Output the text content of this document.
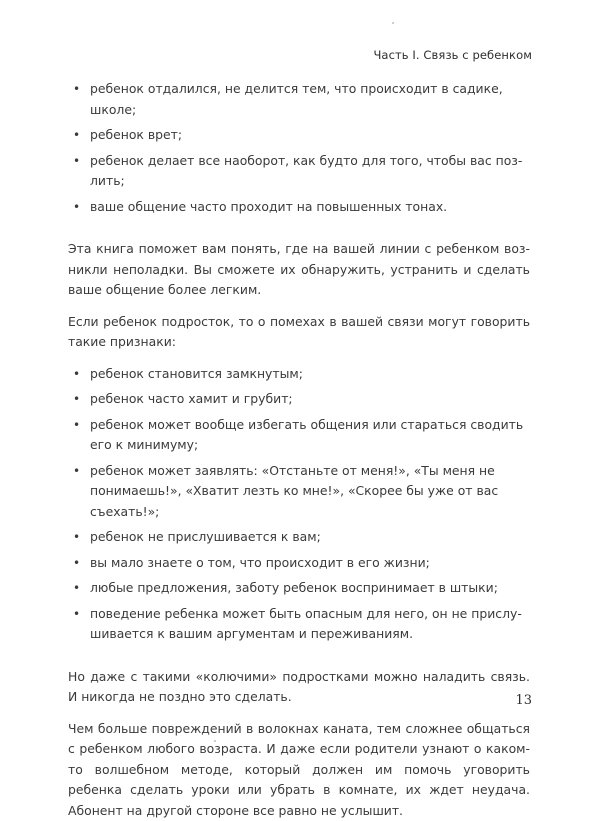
Часть I. Связь с ребенком
• ребенок отдалился, не делится тем, что происходит в садике, школе;
• ребенок врет;
• ребенок делает все наоборот, как будто для того, чтобы вас позлить;
• ваше общение часто проходит на повышенных тонах.

Эта книга поможет вам понять, где на вашей линии с ребенком возникли неполадки. Вы сможете их обнаружить, устранить и сделать ваше общение более легким.

Если ребенок подросток, то о помехах в вашей связи могут говорить такие признаки:

• ребенок становится замкнутым;
• ребенок часто хамит и грубит;
• ребенок может вообще избегать общения или стараться сводить его к минимуму;
• ребенок может заявлять: «Отстаньте от меня!», «Ты меня не понимаешь!», «Хватит лезть ко мне!», «Скорее бы уже от вас съехать!»;
• ребенок не прислушивается к вам;
• вы мало знаете о том, что происходит в его жизни;
• любые предложения, заботу ребенок воспринимает в штыки;
• поведение ребенка может быть опасным для него, он не прислушивается к вашим аргументам и переживаниям.

Но даже с такими «колючими» подростками можно наладить связь. И никогда не поздно это сделать.

Чем больше повреждений в волокнах каната, тем сложнее общаться с ребенком любого возраста. И даже если родители узнают о каком-то волшебном методе, который должен им помочь уговорить ребенка сделать уроки или убрать в комнате, их ждет неудача. Абонент на другой стороне все равно не услышит.

13
